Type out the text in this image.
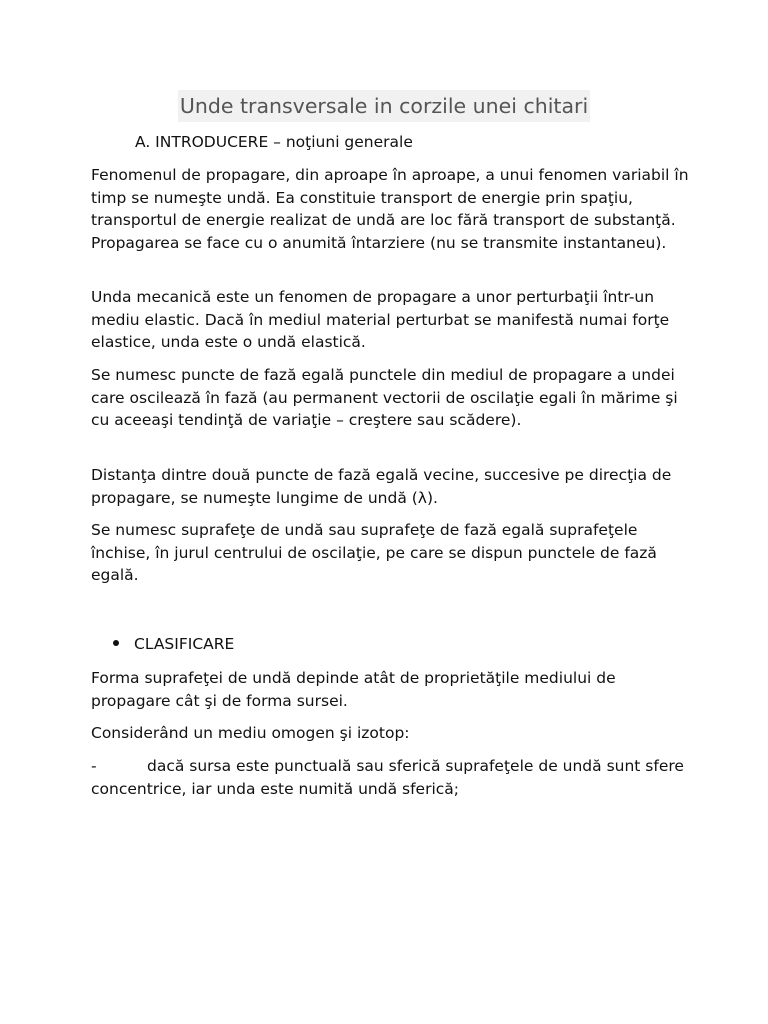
Unde transversale in corzile unei chitari
A. INTRODUCERE – noţiuni generale

Fenomenul de propagare, din aproape în aproape, a unui fenomen variabil în timp se numeşte undă. Ea constituie transport de energie prin spaţiu, transportul de energie realizat de undă are loc fără transport de substanţă. Propagarea se face cu o anumită întarziere (nu se transmite instantaneu).

Unda mecanică este un fenomen de propagare a unor perturbaţii într-un mediu elastic. Dacă în mediul material perturbat se manifestă numai forţe elastice, unda este o undă elastică.

Se numesc puncte de fază egală punctele din mediul de propagare a undei care oscilează în fază (au permanent vectorii de oscilaţie egali în mărime şi cu aceeaşi tendinţă de variaţie – creştere sau scădere).

Distanţa dintre două puncte de fază egală vecine, succesive pe direcţia de propagare, se numeşte lungime de undă (λ).

Se numesc suprafeţe de undă sau suprafeţe de fază egală suprafeţele închise, în jurul centrului de oscilaţie, pe care se dispun punctele de fază egală.

CLASIFICARE

Forma suprafeţei de undă depinde atât de proprietăţile mediului de propagare cât şi de forma sursei.

Considerând un mediu omogen şi izotop:

-	dacă sursa este punctuală sau sferică suprafeţele de undă sunt sfere concentrice, iar unda este numită undă sferică;
